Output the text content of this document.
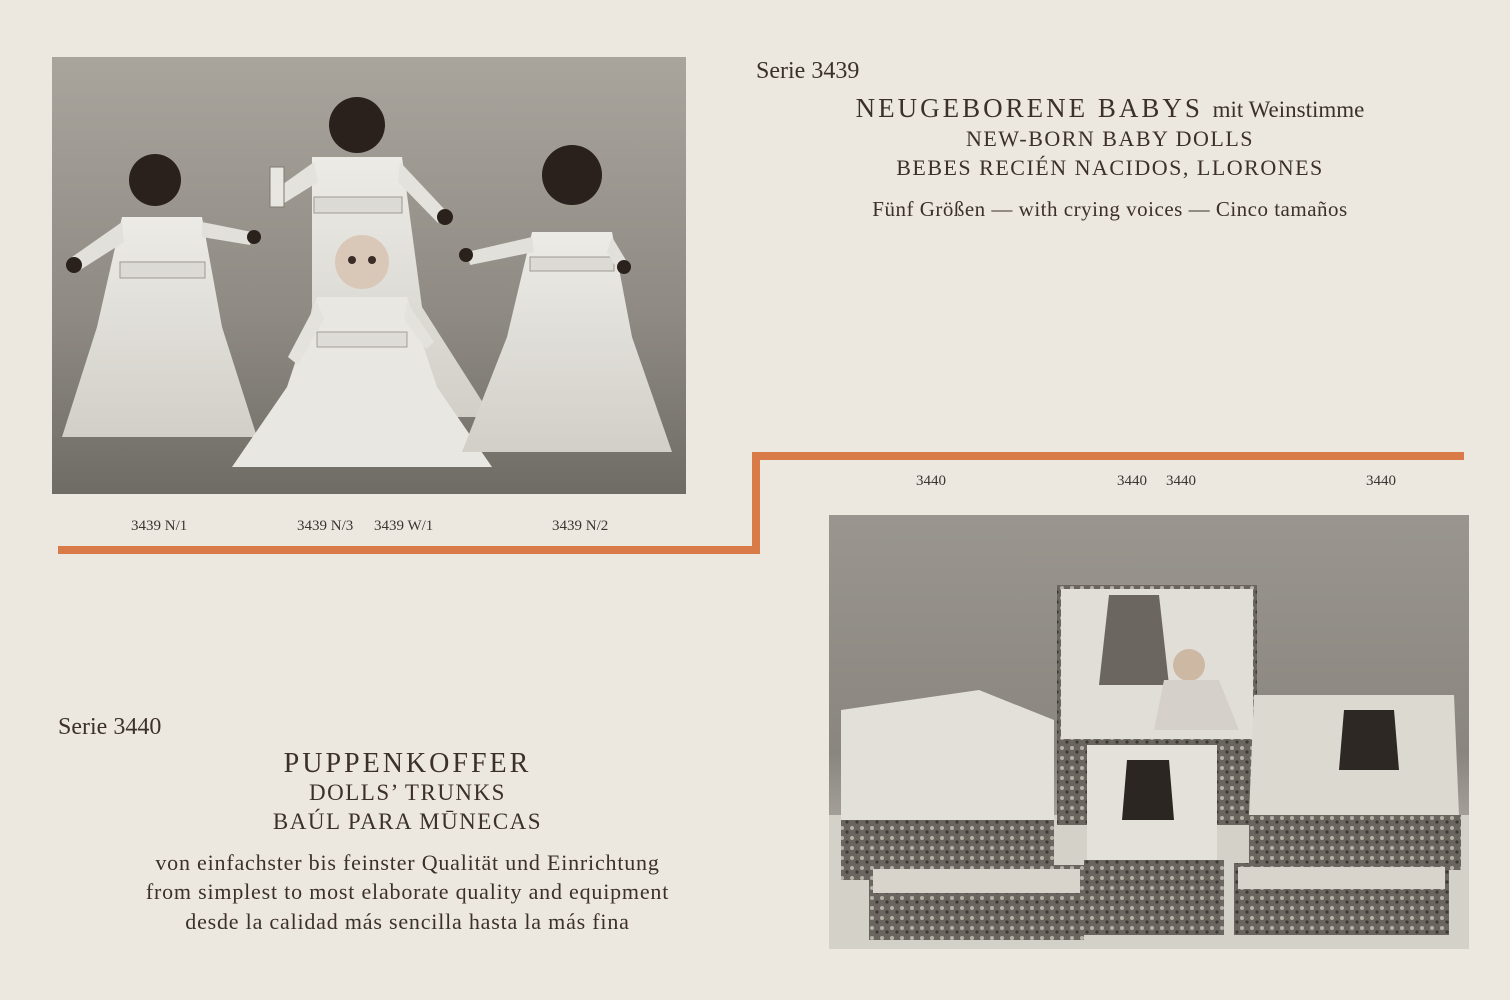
3439 N/1	3439 N/3 3439 W/1	3439 N/2
Serie 3439
NEUGEBORENE BABYS mit Weinstimme
NEW-BORN BABY DOLLS
BEBES RECIÉN NACIDOS, LLORONES
Fünf Größen — with crying voices — Cinco tamaños
3440	3440 3440	3440
Serie 3440
PUPPENKOFFER
DOLLS’ TRUNKS
BAÚL PARA MŪNECAS
von einfachster bis feinster Qualität und Einrichtung
from simplest to most elaborate quality and equipment
desde la calidad más sencilla hasta la más fina
